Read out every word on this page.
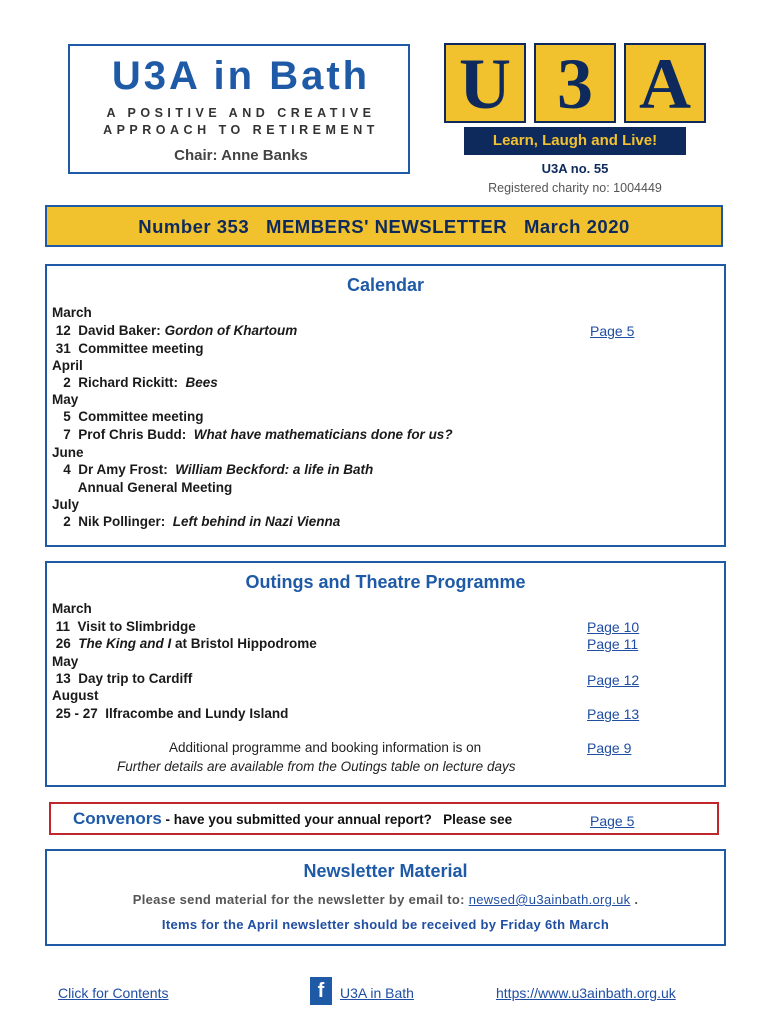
U3A in Bath
A POSITIVE AND CREATIVE
APPROACH TO RETIREMENT
Chair: Anne Banks
U 3 A
Learn, Laugh and Live!
U3A no. 55
Registered charity no: 1004449
Number 353   MEMBERS' NEWSLETTER   March 2020
Calendar
March
12  David Baker: Gordon of Khartoum	Page 5
31  Committee meeting
April
2  Richard Rickitt:  Bees
May
5  Committee meeting
7  Prof Chris Budd:  What have mathematicians done for us?
June
4  Dr Amy Frost:  William Beckford: a life in Bath
Annual General Meeting
July
2  Nik Pollinger:  Left behind in Nazi Vienna
Outings and Theatre Programme
March
11  Visit to Slimbridge	Page 10
26  The King and I at Bristol Hippodrome	Page 11
May
13  Day trip to Cardiff	Page 12
August
25 - 27  Ilfracombe and Lundy Island	Page 13
Additional programme and booking information is on	Page 9
Further details are available from the Outings table on lecture days
Convenors - have you submitted your annual report?   Please see	Page 5
Newsletter Material
Please send material for the newsletter by email to: newsed@u3ainbath.org.uk .
Items for the April newsletter should be received by Friday 6th March
Click for Contents	f	U3A in Bath	https://www.u3ainbath.org.uk
